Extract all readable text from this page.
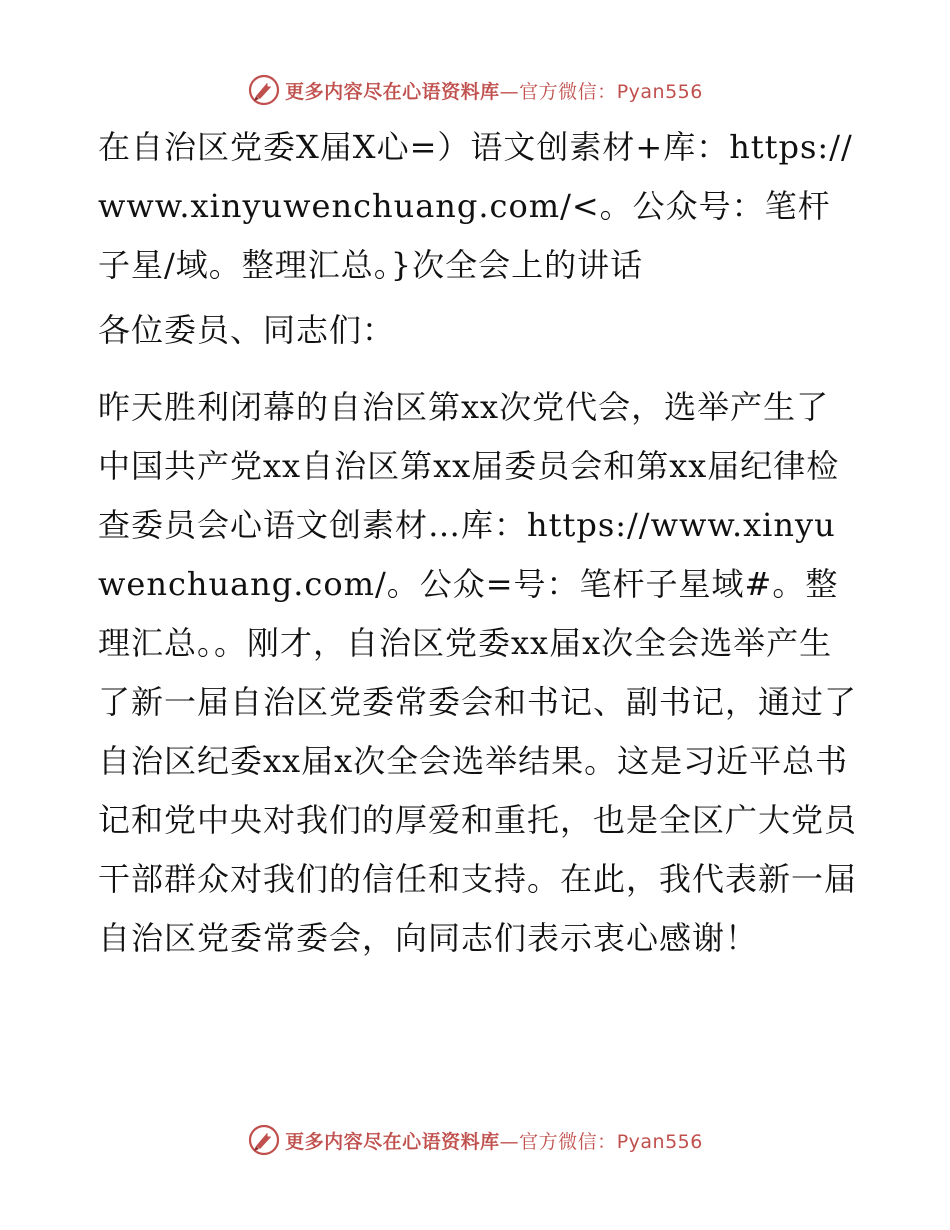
更多内容尽在心语资料库—官方微信：Pyan556

在自治区党委X届X心=）语文创素材+库：https://www.xinyuwenchuang.com/<。公众号：笔杆子星/域。整理汇总。}次全会上的讲话

各位委员、同志们：

昨天胜利闭幕的自治区第xx次党代会，选举产生了中国共产党xx自治区第xx届委员会和第xx届纪律检查委员会心语文创素材…库：https://www.xinyuwenchuang.com/。公众=号：笔杆子星域#。整理汇总。。刚才，自治区党委xx届x次全会选举产生了新一届自治区党委常委会和书记、副书记，通过了自治区纪委xx届x次全会选举结果。这是习近平总书记和党中央对我们的厚爱和重托，也是全区广大党员干部群众对我们的信任和支持。在此，我代表新一届自治区党委常委会，向同志们表示衷心感谢！

更多内容尽在心语资料库—官方微信：Pyan556
